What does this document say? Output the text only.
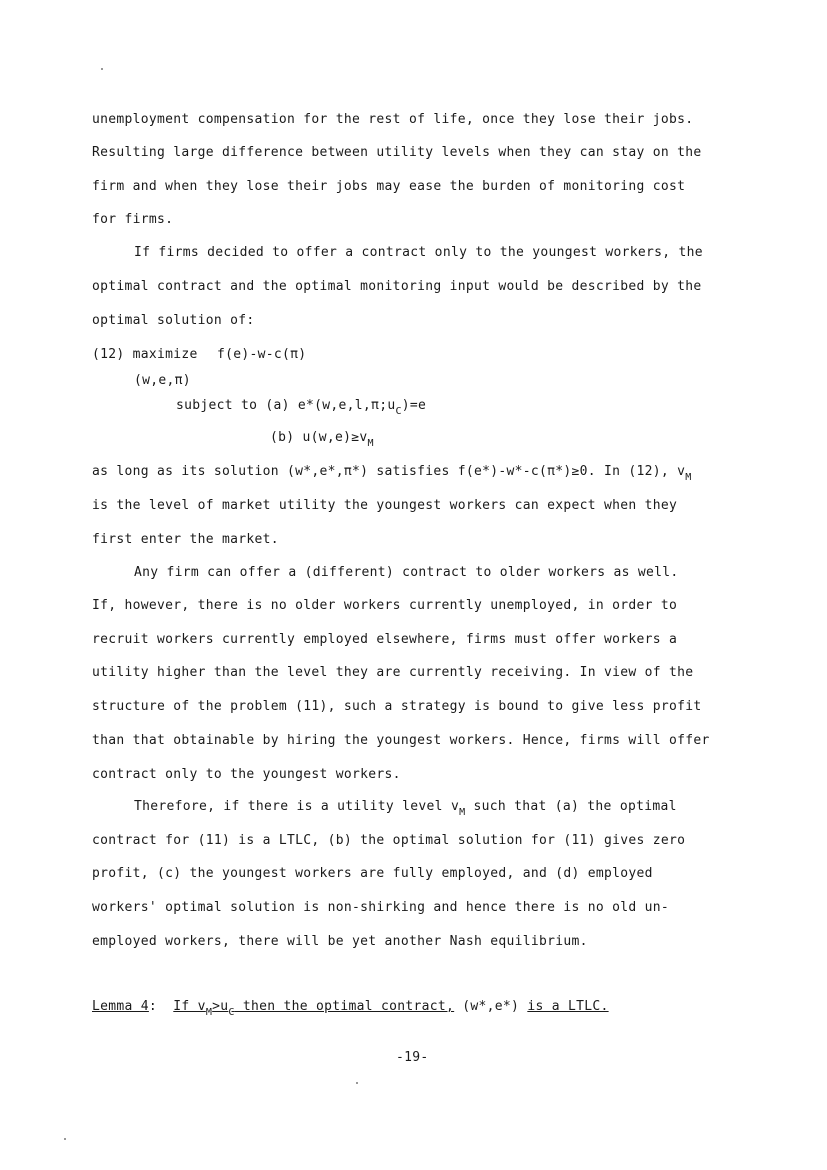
unemployment compensation for the rest of life, once they lose their jobs.
Resulting large difference between utility levels when they can stay on the
firm and when they lose their jobs may ease the burden of monitoring cost
for firms.
If firms decided to offer a contract only to the youngest workers, the
optimal contract and the optimal monitoring input would be described by the
optimal solution of:
(12) maximize f(e)-w-c(π)
(w,e,π)
subject to (a) $e*(w,e,l,\pi;u_C)=e$
(b) $u(w,e)\ge v_M$
as long as its solution (w*,e*,π*) satisfies f(e*)-w*-c(π*)≥0. In (12), $v_M$
is the level of market utility the youngest workers can expect when they
first enter the market.
Any firm can offer a (different) contract to older workers as well.
If, however, there is no older workers currently unemployed, in order to
recruit workers currently employed elsewhere, firms must offer workers a
utility higher than the level they are currently receiving. In view of the
structure of the problem (11), such a strategy is bound to give less profit
than that obtainable by hiring the youngest workers. Hence, firms will offer
contract only to the youngest workers.
Therefore, if there is a utility level $v_M$ such that (a) the optimal
contract for (11) is a LTLC, (b) the optimal solution for (11) gives zero
profit, (c) the youngest workers are fully employed, and (d) employed
workers' optimal solution is non-shirking and hence there is no old un-
employed workers, there will be yet another Nash equilibrium.
Lemma 4: If $v_M>u_C$ then the optimal contract, (w*,e*) is a LTLC.
-19-
